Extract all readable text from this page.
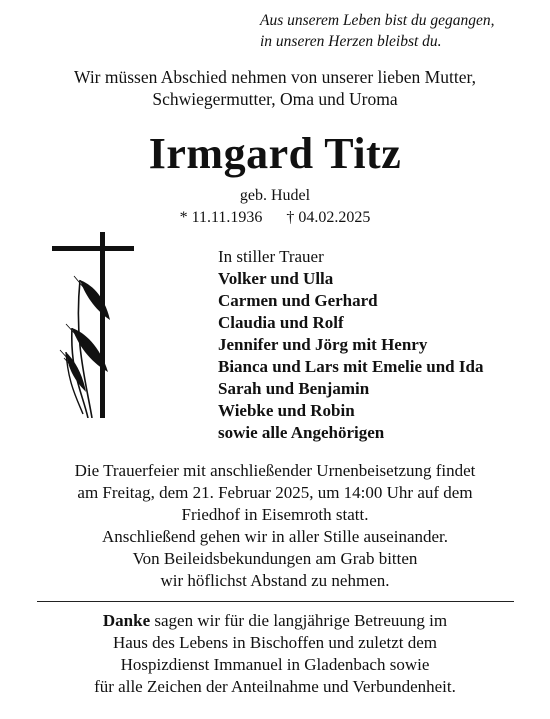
Aus unserem Leben bist du gegangen,
in unseren Herzen bleibst du.
Wir müssen Abschied nehmen von unserer lieben Mutter,
Schwiegermutter, Oma und Uroma
Irmgard Titz
geb. Hudel
* 11.11.1936 † 04.02.2025
In stiller Trauer
Volker und Ulla
Carmen und Gerhard
Claudia und Rolf
Jennifer und Jörg mit Henry
Bianca und Lars mit Emelie und Ida
Sarah und Benjamin
Wiebke und Robin
sowie alle Angehörigen
Die Trauerfeier mit anschließender Urnenbeisetzung findet
am Freitag, dem 21. Februar 2025, um 14:00 Uhr auf dem
Friedhof in Eisemroth statt.
Anschließend gehen wir in aller Stille auseinander.
Von Beileidsbekundungen am Grab bitten
wir höflichst Abstand zu nehmen.
Danke sagen wir für die langjährige Betreuung im
Haus des Lebens in Bischoffen und zuletzt dem
Hospizdienst Immanuel in Gladenbach sowie
für alle Zeichen der Anteilnahme und Verbundenheit.
